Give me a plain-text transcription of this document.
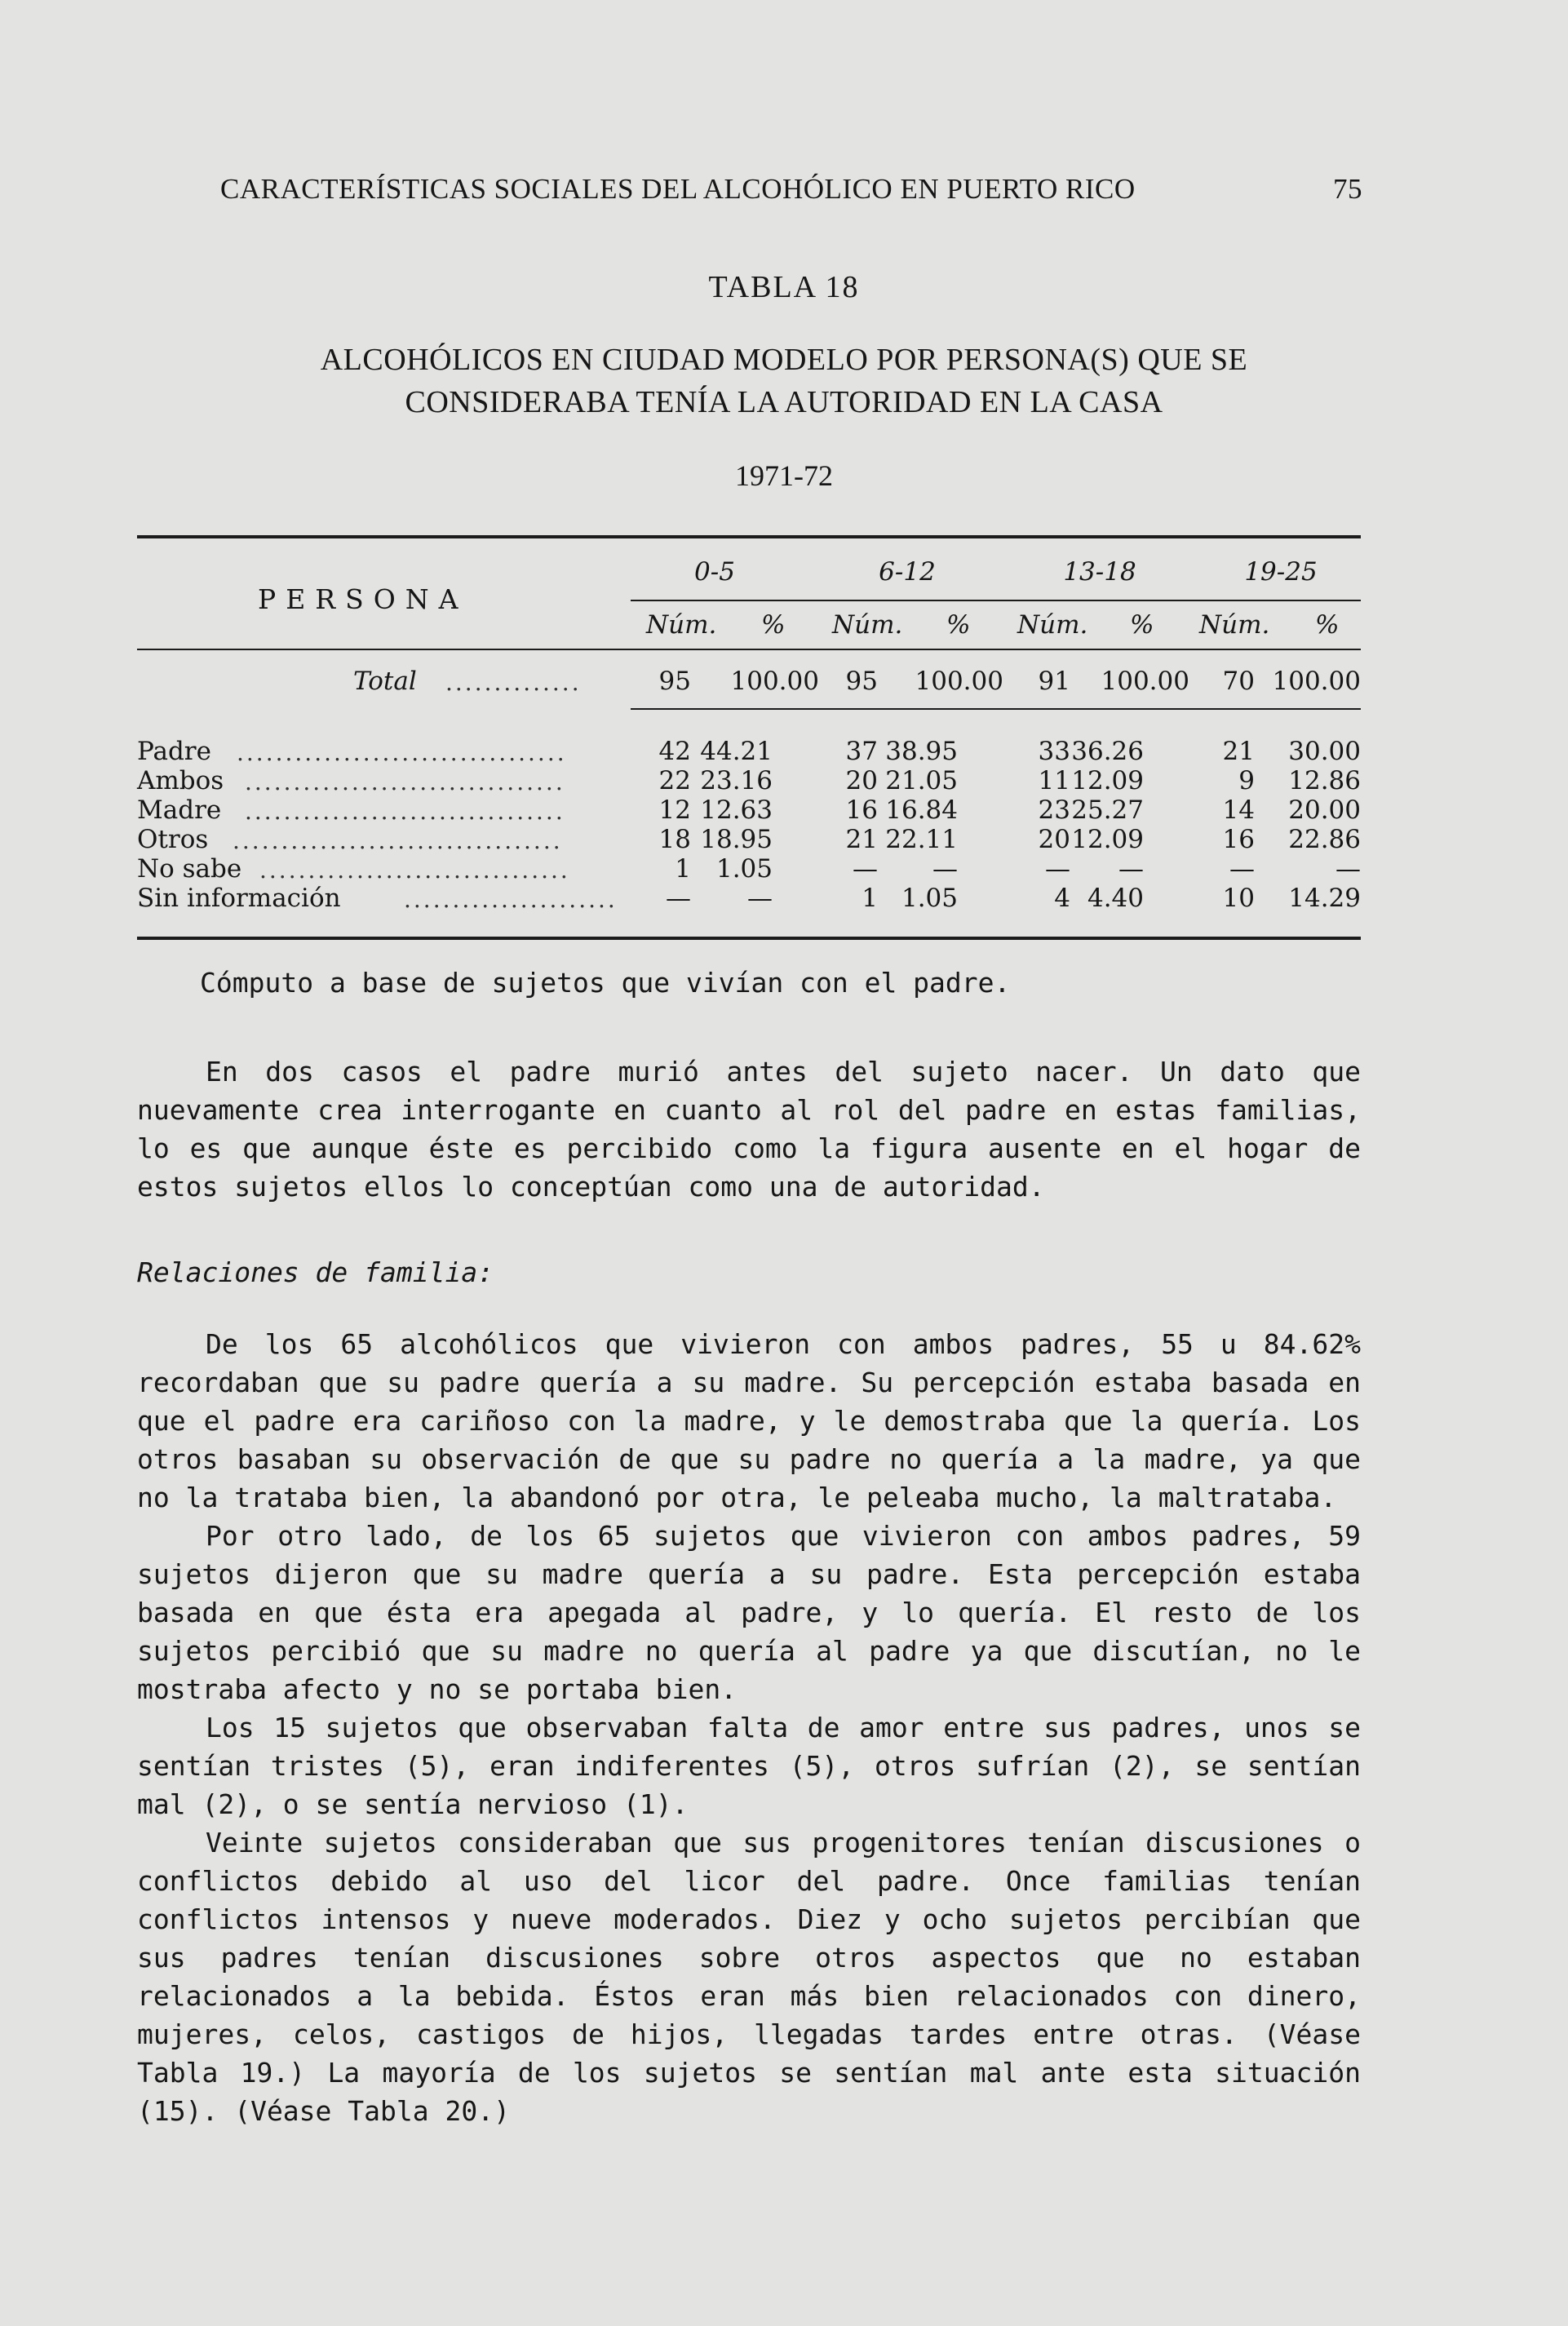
CARACTERÍSTICAS SOCIALES DEL ALCOHÓLICO EN PUERTO RICO	75
TABLA 18
ALCOHÓLICOS EN CIUDAD MODELO POR PERSONA(S) QUE SE
CONSIDERABA TENÍA LA AUTORIDAD EN LA CASA
1971-72
PERSONA
0-5	6-12	13-18	19-25
Núm. % Núm. % Núm. % Núm. %
Total ..............	95	100.00	95	100.00	91	100.00	70 100.00
Padre ..................................	42 44.21	37 38.95	33 36.26	21	30.00
Ambos .................................	22 23.16	20 21.05	11 12.09	9	12.86
Madre .................................	12 12.63	16 16.84	23 25.27	14	20.00
Otros ..................................	18 18.95	21 22.11	20 12.09	16	22.86
No sabe ................................	1 1.05	—	—	—	—	—	—
Sin información	......................	—	—	1 1.05	4 4.40	10	14.29
Cómputo a base de sujetos que vivían con el padre.

En dos casos el padre murió antes del sujeto nacer. Un dato que nuevamente crea interrogante en cuanto al rol del padre en estas familias, lo es que aunque éste es percibido como la figura ausente en el hogar de estos sujetos ellos lo conceptúan como una de autoridad.

Relaciones de familia:

De los 65 alcohólicos que vivieron con ambos padres, 55 u 84.62% recordaban que su padre quería a su madre. Su percepción estaba basada en que el padre era cariñoso con la madre, y le demostraba que la quería. Los otros basaban su observación de que su padre no quería a la madre, ya que no la trataba bien, la abandonó por otra, le peleaba mucho, la maltrataba.

Por otro lado, de los 65 sujetos que vivieron con ambos padres, 59 sujetos dijeron que su madre quería a su padre. Esta percepción estaba basada en que ésta era apegada al padre, y lo quería. El resto de los sujetos percibió que su madre no quería al padre ya que discutían, no le mostraba afecto y no se portaba bien.

Los 15 sujetos que observaban falta de amor entre sus padres, unos se sentían tristes (5), eran indiferentes (5), otros sufrían (2), se sentían mal (2), o se sentía nervioso (1).

Veinte sujetos consideraban que sus progenitores tenían discusiones o conflictos debido al uso del licor del padre. Once familias tenían conflictos intensos y nueve moderados. Diez y ocho sujetos percibían que sus padres tenían discusiones sobre otros aspectos que no estaban relacionados a la bebida. Éstos eran más bien relacionados con dinero, mujeres, celos, castigos de hijos, llegadas tardes entre otras. (Véase Tabla 19.) La mayoría de los sujetos se sentían mal ante esta situación (15). (Véase Tabla 20.)
